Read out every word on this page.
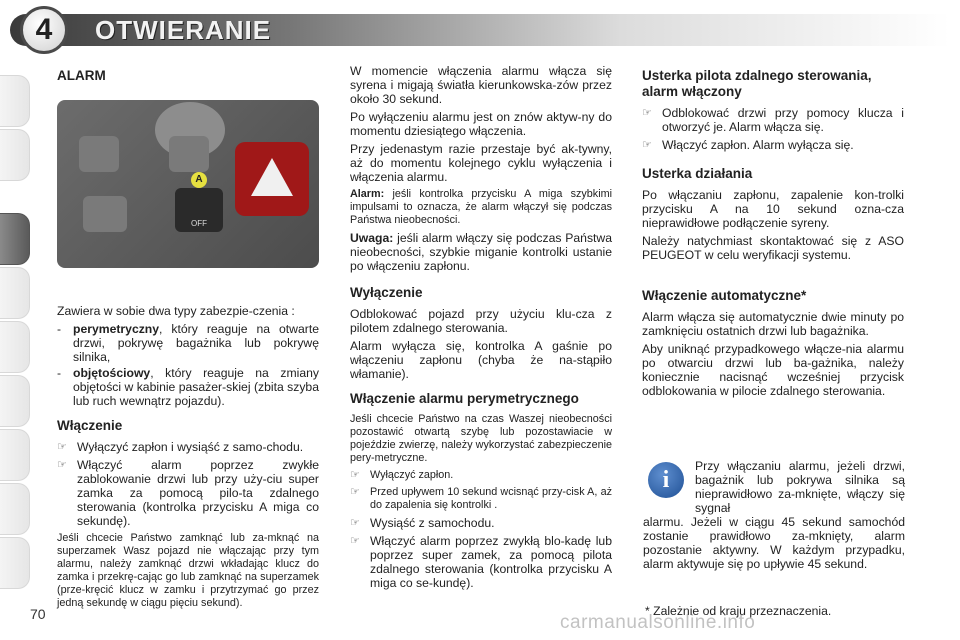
4	OTWIERANIE
ALARM
A
OFF

Zawiera w sobie dwa typy zabezpie-czenia :

- perymetryczny, który reaguje na otwarte drzwi, pokrywę bagażnika lub pokrywę silnika,
- objętościowy, który reaguje na zmiany objętości w kabinie pasażer-skiej (zbita szyba lub ruch wewnątrz pojazdu).
Włączenie
☞ Wyłączyć zapłon i wysiąść z samo-chodu.
☞ Włączyć alarm poprzez zwykłe zablokowanie drzwi lub przy uży-ciu super zamka za pomocą pilo-ta zdalnego sterowania (kontrolka przycisku A miga co sekundę).

Jeśli chcecie Państwo zamknąć lub za-mknąć na superzamek Wasz pojazd nie włączając przy tym alarmu, należy zamknąć drzwi wkładając klucz do zamka i przekrę-cając go lub zamknąć na superzamek (prze-kręcić klucz w zamku i przytrzymać go przez jedną sekundę w ciągu pięciu sekund).

W momencie włączenia alarmu włącza się syrena i migają światła kierunkowska-zów przez około 30 sekund.

Po wyłączeniu alarmu jest on znów aktyw-ny do momentu dziesiątego włączenia.

Przy jedenastym razie przestaje być ak-tywny, aż do momentu kolejnego cyklu wyłączenia i włączenia alarmu.

Alarm: jeśli kontrolka przycisku A miga szybkimi impulsami to oznacza, że alarm włączył się podczas Państwa nieobecności.

Uwaga: jeśli alarm włączy się podczas Państwa nieobecności, szybkie miganie kontrolki ustanie po włączeniu zapłonu.

Wyłączenie

Odblokować pojazd przy użyciu klu-cza z pilotem zdalnego sterowania.

Alarm wyłącza się, kontrolka A gaśnie po włączeniu zapłonu (chyba że na-stąpiło włamanie).

Włączenie alarmu perymetrycznego

Jeśli chcecie Państwo na czas Waszej nieobecności pozostawić otwartą szybę lub pozostawiacie w pojeździe zwierzę, należy wykorzystać zabezpieczenie pery-metryczne.

☞ Wyłączyć zapłon.
☞ Przed upływem 10 sekund wcisnąć przy-cisk A, aż do zapalenia się kontrolki .
☞ Wysiąść z samochodu.
☞ Włączyć alarm poprzez zwykłą blo-kadę lub poprzez super zamek, za pomocą pilota zdalnego sterowania (kontrolka przycisku A miga co se-kundę).
Usterka pilota zdalnego sterowania, alarm włączony
☞ Odblokować drzwi przy pomocy klucza i otworzyć je. Alarm włącza się.
☞ Włączyć zapłon. Alarm wyłącza się.
Usterka działania

Po włączaniu zapłonu, zapalenie kon-trolki przycisku A na 10 sekund ozna-cza nieprawidłowe podłączenie syreny.

Należy natychmiast skontaktować się z ASO PEUGEOT w celu weryfikacji systemu.

Włączenie automatyczne*

Alarm włącza się automatycznie dwie minuty po zamknięciu ostatnich drzwi lub bagażnika.

Aby uniknąć przypadkowego włącze-nia alarmu po otwarciu drzwi lub ba-gażnika, należy koniecznie nacisnąć wcześniej przycisk odblokowania w pilocie zdalnego sterowania.

Przy włączaniu alarmu, jeżeli drzwi, bagażnik lub pokrywa silnika są nieprawidłowo za-mknięte, włączy się sygnał

alarmu. Jeżeli w ciągu 45 sekund samochód zostanie prawidłowo za-mknięty, alarm pozostanie aktywny. W każdym przypadku, alarm aktywuje się po upływie 45 sekund.

i
* Zależnie od kraju przeznaczenia.
70	carmanualsonline.info
